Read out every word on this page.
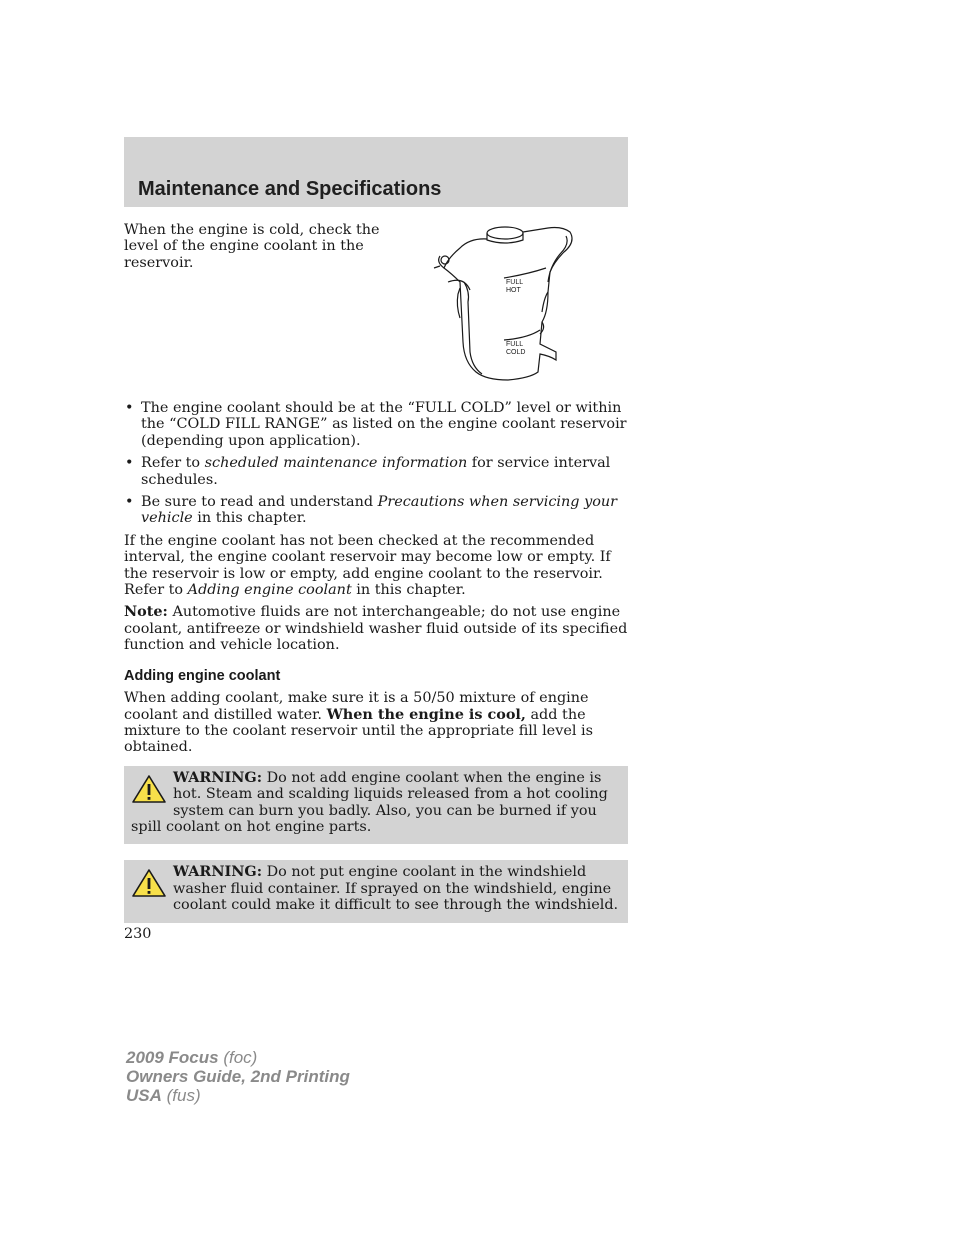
Maintenance and Specifications

When the engine is cold, check the level of the engine coolant in the reservoir.

FULL
HOT
FULL
COLD
• The engine coolant should be at the “FULL COLD” level or within the “COLD FILL RANGE” as listed on the engine coolant reservoir (depending upon application).
• Refer to scheduled maintenance information for service interval schedules.
• Be sure to read and understand Precautions when servicing your vehicle in this chapter.

If the engine coolant has not been checked at the recommended interval, the engine coolant reservoir may become low or empty. If the reservoir is low or empty, add engine coolant to the reservoir. Refer to Adding engine coolant in this chapter.

Note: Automotive fluids are not interchangeable; do not use engine coolant, antifreeze or windshield washer fluid outside of its specified function and vehicle location.

Adding engine coolant

When adding coolant, make sure it is a 50/50 mixture of engine coolant and distilled water. When the engine is cool, add the mixture to the coolant reservoir until the appropriate fill level is obtained.

WARNING: Do not add engine coolant when the engine is hot. Steam and scalding liquids released from a hot cooling system can burn you badly. Also, you can be burned if you spill coolant on hot engine parts.
WARNING: Do not put engine coolant in the windshield washer fluid container. If sprayed on the windshield, engine coolant could make it difficult to see through the windshield.

230

2009 Focus (foc)
Owners Guide, 2nd Printing
USA (fus)
